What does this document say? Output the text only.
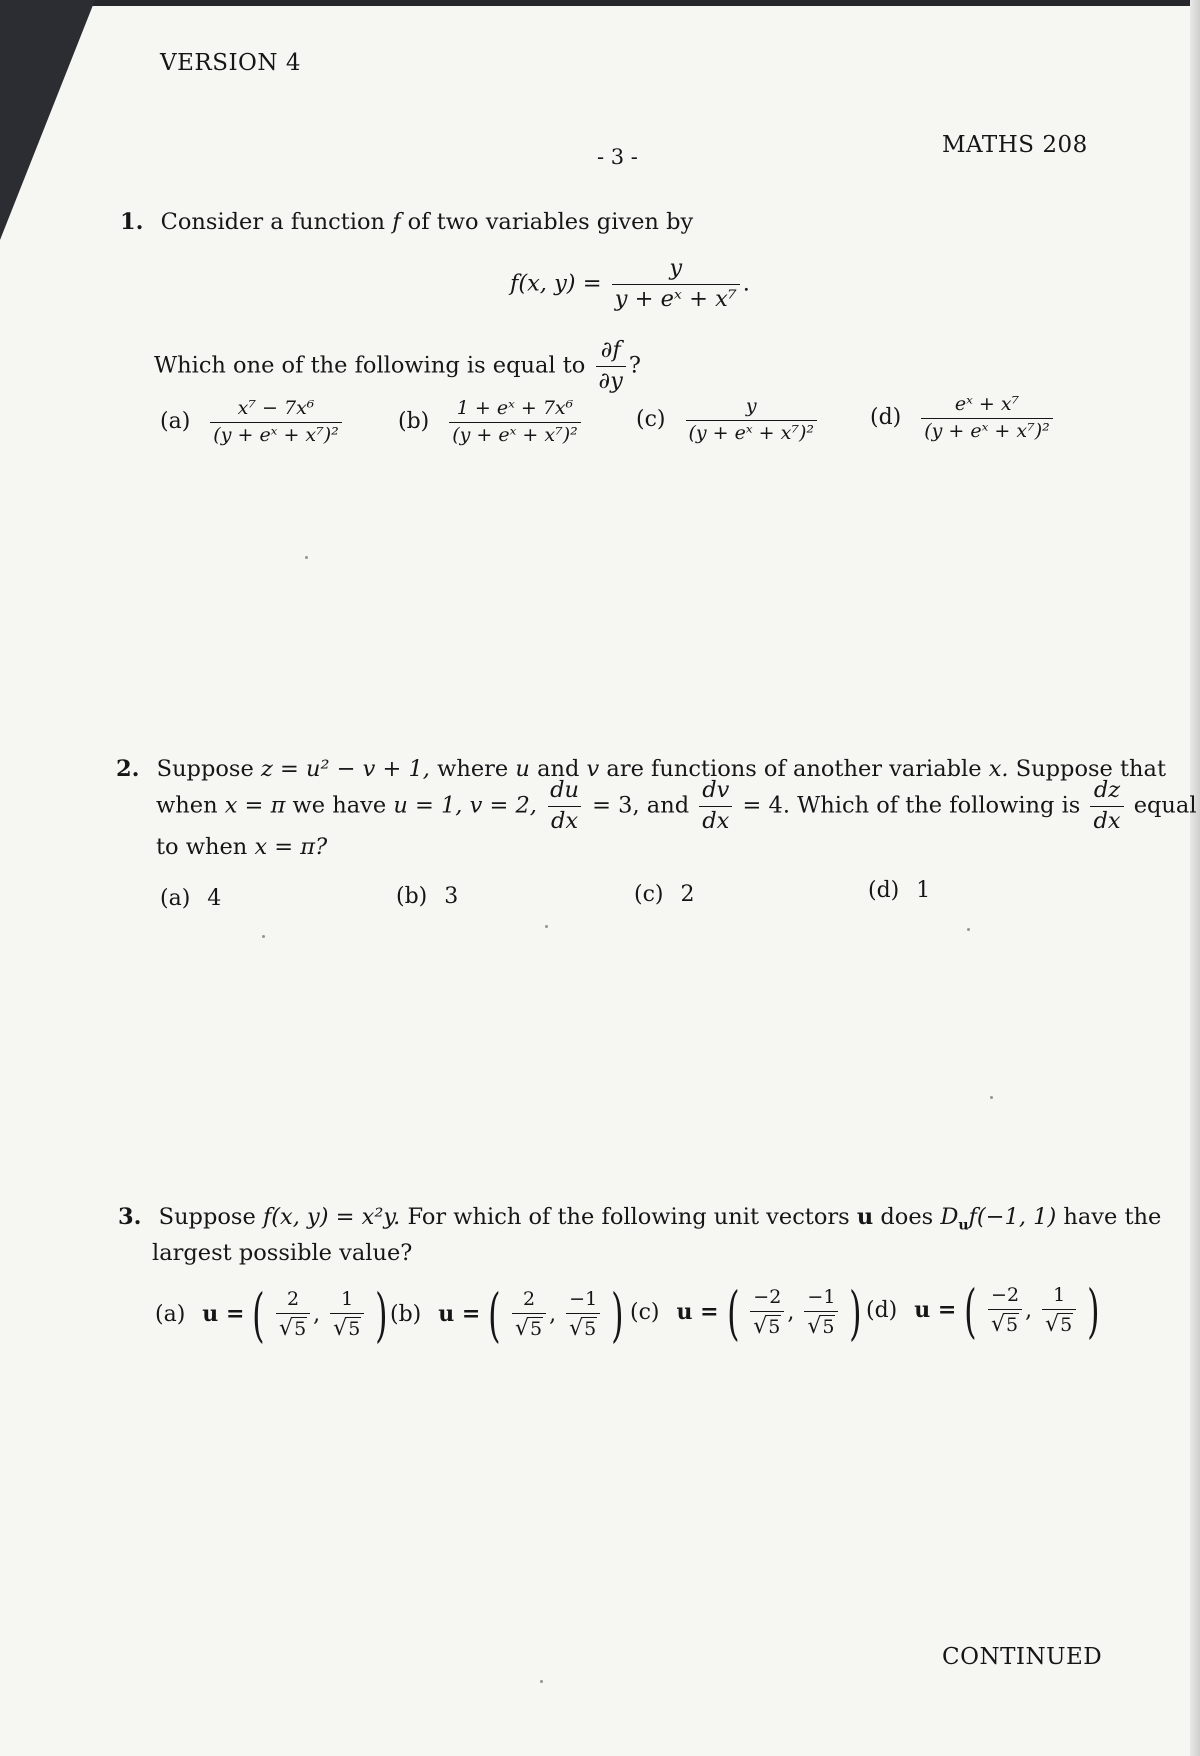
VERSION 4
- 3 -	MATHS 208
1. Consider a function f of two variables given by
f(x, $y) = \frac{y}{\text{y + eˣ + x⁷}}$ .
Which one of the following is equal to $\frac{\partial f}{\partial y}$ ?
$(a) \frac{\text{x⁷ − 7x⁶}}{\text{(y + eˣ + x⁷)²}}$	$(b) \frac{\text{1 + eˣ + 7x⁶}}{\text{(y + eˣ + x⁷)²}}$	$(c) \frac{y}{\text{(y + eˣ + x⁷)²}} (d) \frac{\text{eˣ + x⁷}}{\text{(y + eˣ + x⁷)²}}$
2. Suppose z = u² − v + 1, where u and v are functions of another variable x. Suppose that
when x = π we have u = 1, v = 2, $\frac{du}{dx} = 3$, and $\frac{dv}{dx} = 4$. Which of the following is $\frac{dz}{dx}$ equal
to when x = π?
(a) 4	(b) 3	(c) 2	(d) 1
3. Suppose f(x, y) = x²y. For which of the following unit vectors u does $D_uf(-1$, 1) have the
largest possible value?
(a) u = ( $\frac{2}{√5}$ , $\frac{1}{√5}$ ) (b) u = ( $\frac{2}{√5}$ , $\frac{-1}{√5}$ ) (c) u = ( $\frac{-2}{√5}$ , $\frac{-1}{√5}$ ) (d) u = ( $\frac{-2}{√5}$ , $\frac{1}{√5}$ )
CONTINUED
